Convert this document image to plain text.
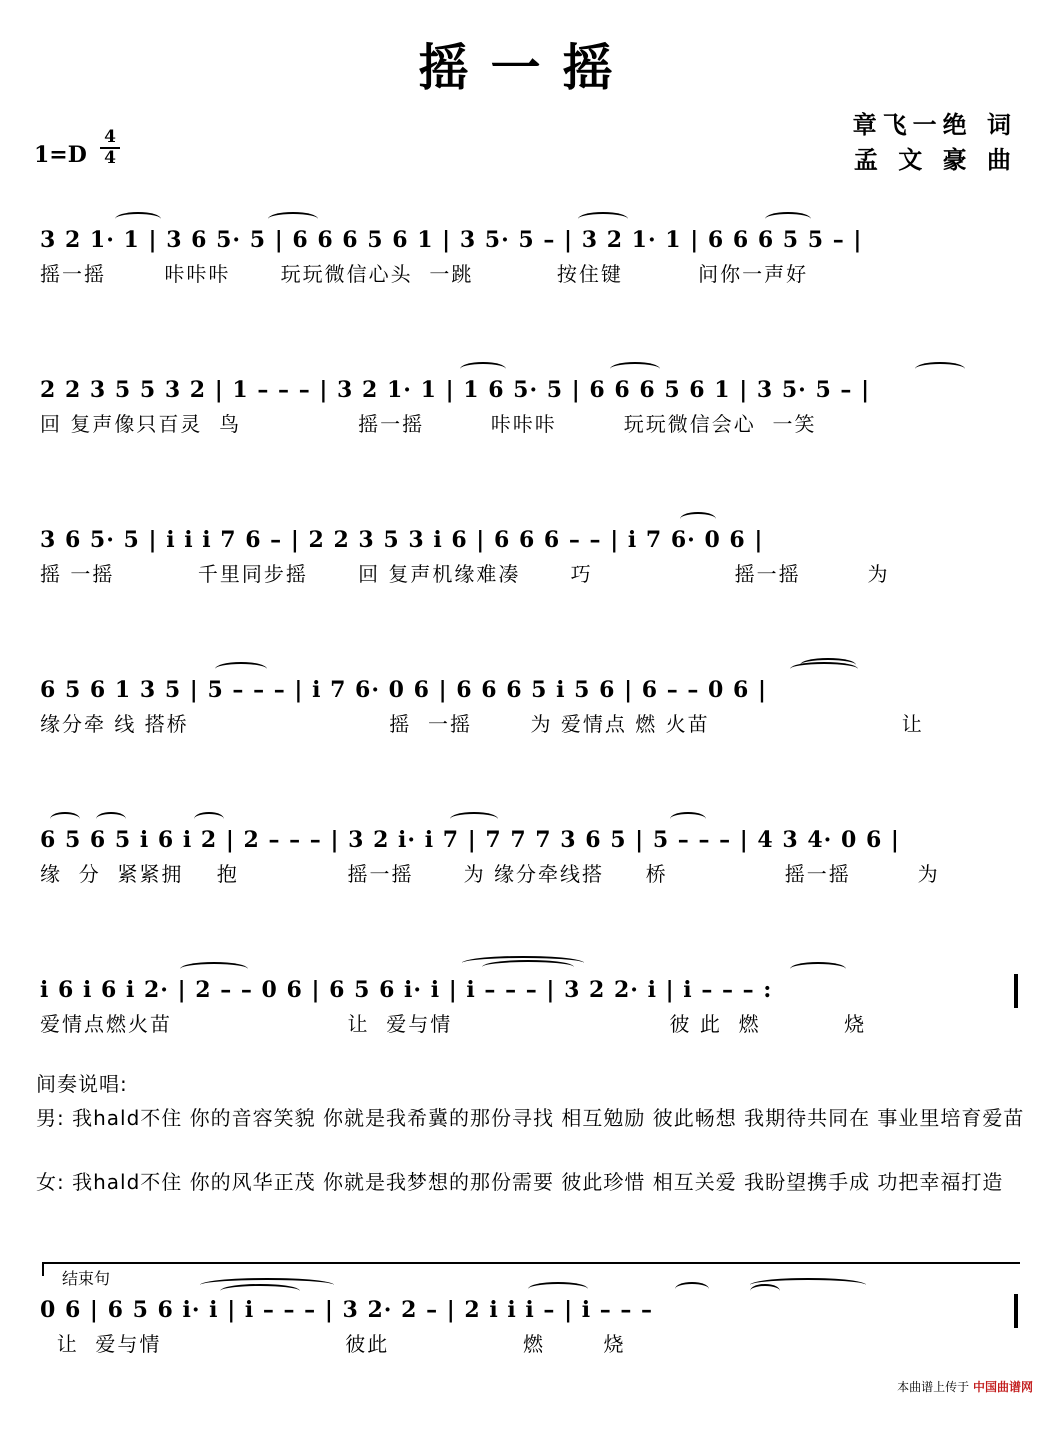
摇一摇
1=D
4
4
章飞一绝 词
孟 文 豪 曲
3 2 1· 1 | 3 6 5· 5 | 6 6 6 5 6 1 | 3 5· 5 – | 3 2 1· 1 | 6 6 6 5 5 – |
摇一摇       咔咔咔      玩玩微信心头  一跳          按住键         问你一声好
2 2 3 5 5 3 2 | 1 – – – | 3 2 1· 1 | 1 6 5· 5 | 6 6 6 5 6 1 | 3 5· 5 – |
回 复声像只百灵  鸟              摇一摇        咔咔咔        玩玩微信会心  一笑
3 6 5· 5 | i i i 7 6 – | 2 2 3 5 3 i 6 | 6 6 6 – – | i 7 6· 0 6 |
摇 一摇          千里同步摇      回 复声机缘难凑      巧                 摇一摇        为
6 5 6 1 3 5 | 5 – – – | i 7 6· 0 6 | 6 6 6 5 i 5 6 | 6 – – 0 6 |
缘分牵 线 搭桥                        摇  一摇       为 爱情点 燃 火苗                       让
6 5 6 5 i 6 i 2 | 2 – – – | 3 2 i· i 7 | 7 7 7 3 6 5 | 5 – – – | 4 3 4· 0 6 |
缘  分  紧紧拥    抱             摇一摇      为 缘分牵线搭     桥              摇一摇        为
i 6 i 6 i 2· | 2 – – 0 6 | 6 5 6 i· i | i – – – | 3 2 2· i | i – – – :
爱情点燃火苗                     让  爱与情                          彼 此  燃          烧
间奏说唱:
男: 我hald不住 你的音容笑貌 你就是我希冀的那份寻找 相互勉励 彼此畅想 我期待共同在 事业里培育爱苗
女: 我hald不住 你的风华正茂 你就是我梦想的那份需要 彼此珍惜 相互关爱 我盼望携手成 功把幸福打造
结束句
0 6 | 6 5 6 i· i | i – – – | 3 2· 2 – | 2 i i i – | i – – –
让  爱与情                      彼此                燃       烧
本曲谱上传于 中国曲谱网
